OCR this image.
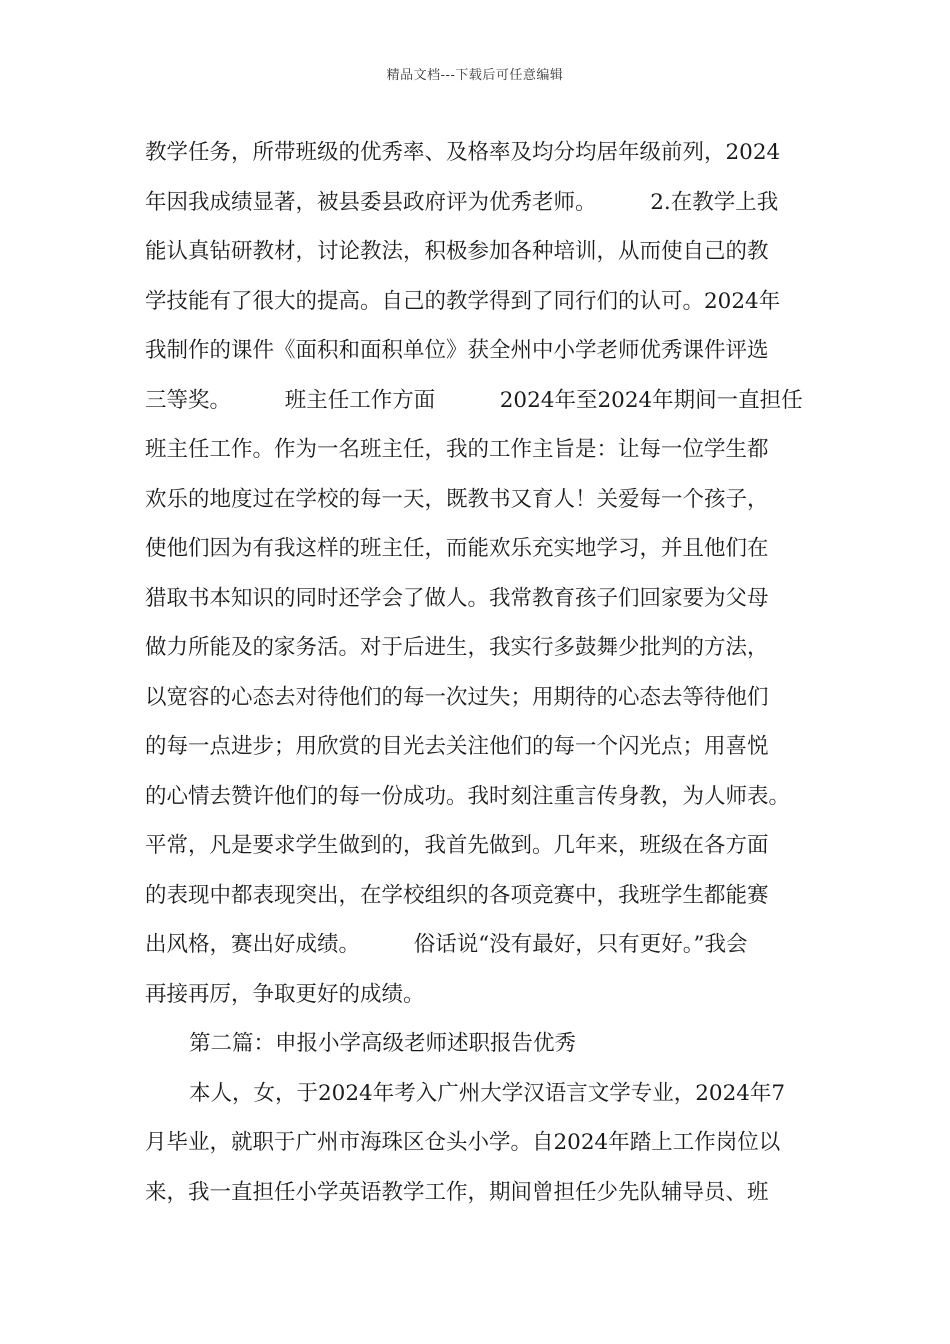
精品文档---下载后可任意编辑
教学任务，所带班级的优秀率、及格率及均分均居年级前列，2024
年因我成绩显著，被县委县政府评为优秀老师。　　　2.在教学上我
能认真钻研教材，讨论教法，积极参加各种培训，从而使自己的教
学技能有了很大的提高。自己的教学得到了同行们的认可。2024年
我制作的课件《面积和面积单位》获全州中小学老师优秀课件评选
三等奖。　　　班主任工作方面　　　2024年至2024年期间一直担任
班主任工作。作为一名班主任，我的工作主旨是：让每一位学生都
欢乐的地度过在学校的每一天，既教书又育人！关爱每一个孩子，
使他们因为有我这样的班主任，而能欢乐充实地学习，并且他们在
猎取书本知识的同时还学会了做人。我常教育孩子们回家要为父母
做力所能及的家务活。对于后进生，我实行多鼓舞少批判的方法，
以宽容的心态去对待他们的每一次过失；用期待的心态去等待他们
的每一点进步；用欣赏的目光去关注他们的每一个闪光点；用喜悦
的心情去赞许他们的每一份成功。我时刻注重言传身教，为人师表。
平常，凡是要求学生做到的，我首先做到。几年来，班级在各方面
的表现中都表现突出，在学校组织的各项竞赛中，我班学生都能赛
出风格，赛出好成绩。　　　俗话说“没有最好，只有更好。”我会
再接再厉，争取更好的成绩。
第二篇：申报小学高级老师述职报告优秀
本人，女，于2024年考入广州大学汉语言文学专业，2024年7
月毕业，就职于广州市海珠区仓头小学。自2024年踏上工作岗位以
来，我一直担任小学英语教学工作，期间曾担任少先队辅导员、班
